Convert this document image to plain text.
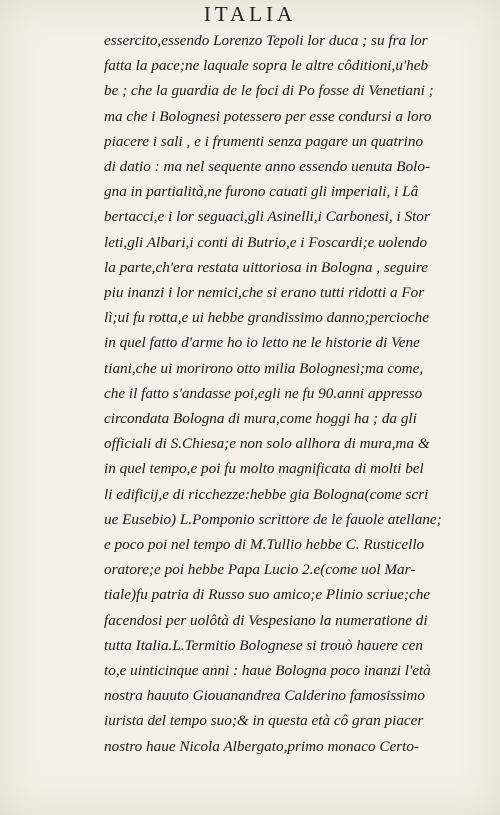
ITALIA
essercito,essendo Lorenzo Tepoli lor duca ; su fra lor
fatta la pace;ne laquale sopra le altre côditioni,u'heb
be ; che la guardia de le foci di Po fosse di Venetiani ;
ma che i Bolognesi potessero per esse condursi a loro
piacere i sali , e i frumenti senza pagare un quatrino
di datio : ma nel sequente anno essendo uenuta Bolo-
gna in partialità,ne furono cauati gli imperiali, i Lâ
bertacci,e i lor seguaci,gli Asinelli,i Carbonesi, i Stor
leti,gli Albari,i conti di Butrio,e i Foscardi;e uolendo
la parte,ch'era restata uittoriosa in Bologna , seguire
piu inanzi i lor nemici,che si erano tutti ridotti a For
lì;ui fu rotta,e ui hebbe grandissimo danno;percioche
in quel fatto d'arme ho io letto ne le historie di Vene
tiani,che ui morirono otto milia Bolognesi;ma come,
che il fatto s'andasse poi,egli ne fu 90.anni appresso
circondata Bologna di mura,come hoggi ha ; da gli
officiali di S.Chiesa;e non solo allhora di mura,ma &
in quel tempo,e poi fu molto magnificata di molti bel
li edificij,e di ricchezze:hebbe gia Bologna(come scri
ue Eusebio) L.Pomponio scrittore de le fauole atellane;
e poco poi nel tempo di M.Tullio hebbe C. Rusticello
oratore;e poi hebbe Papa Lucio 2.e(come uol Mar-
tiale)fu patria di Russo suo amico;e Plinio scriue;che
facendosi per uolôtà di Vespesiano la numeratione di
tutta Italia.L.Termitio Bolognese si trouò hauere cen
to,e uinticinque anni : haue Bologna poco inanzi l'età
nostra hauuto Giouanandrea Calderino famosissimo
iurista del tempo suo;& in questa età cô gran piacer
nostro haue Nicola Albergato,primo monaco Certo-
